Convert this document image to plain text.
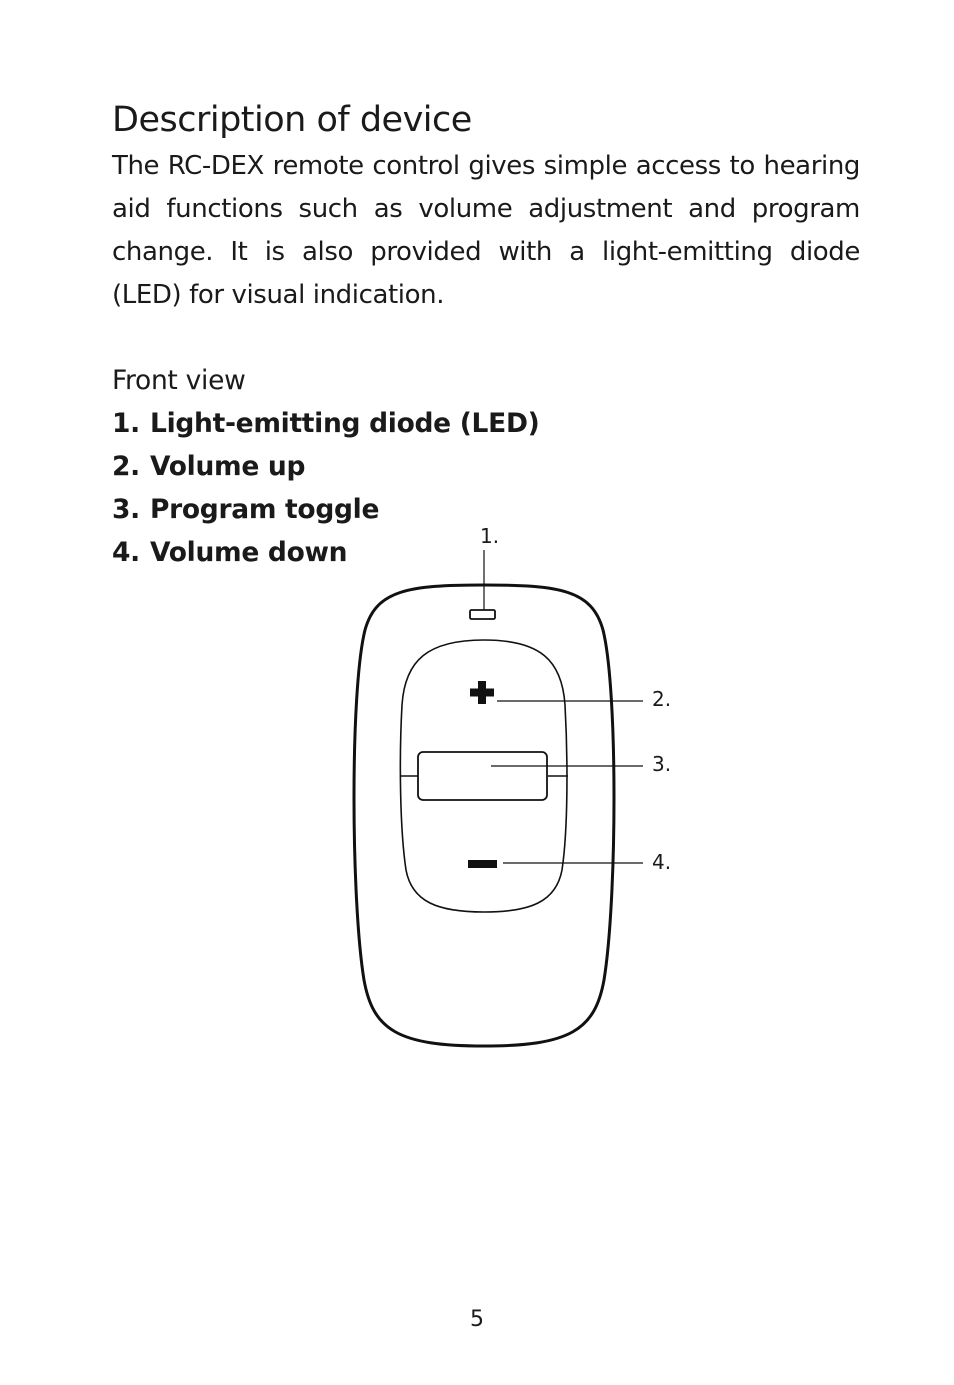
Description of device

The RC-DEX remote control gives simple access to hearing aid functions such as volume adjustment and program change. It is also provided with a light-emitting diode (LED) for visual indication.

Front view
1. Light-emitting diode (LED)
2. Volume up
3. Program toggle
4. Volume down
1.
2.
3.
4.
5
